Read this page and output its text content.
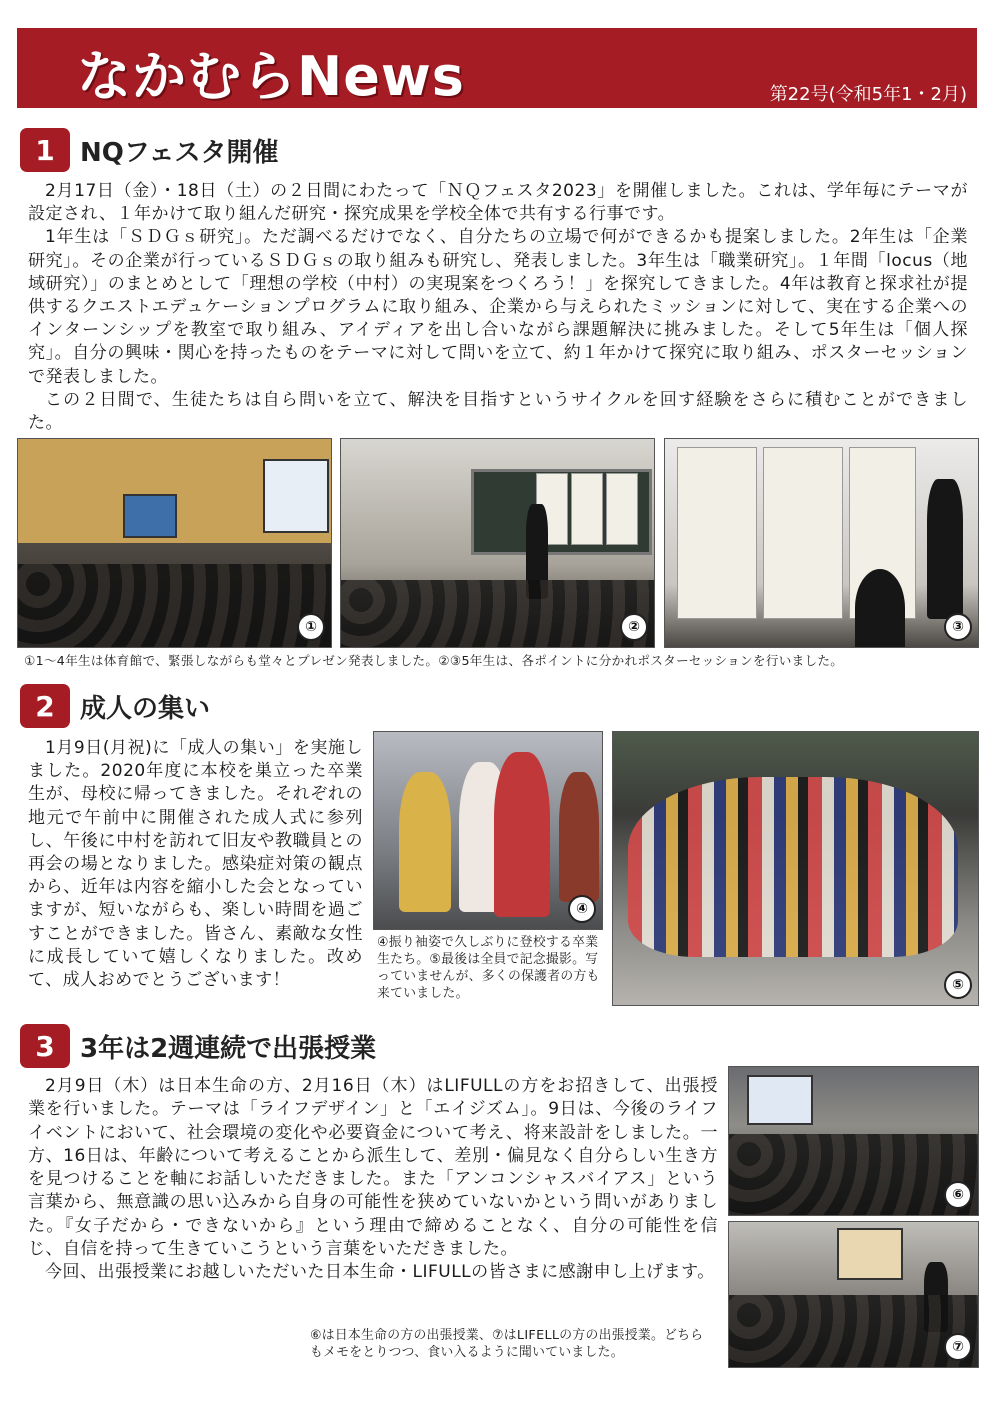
なかむらNews	第22号(令和5年1・2月)
1 NQフェスタ開催

2月17日（金）・18日（土）の２日間にわたって「ＮＱフェスタ2023」を開催しました。これは、学年毎にテーマが設定され、１年かけて取り組んだ研究・探究成果を学校全体で共有する行事です。

1年生は「ＳＤＧｓ研究」。ただ調べるだけでなく、自分たちの立場で何ができるかも提案しました。2年生は「企業研究」。その企業が行っているＳＤＧｓの取り組みも研究し、発表しました。3年生は「職業研究」。１年間「locus（地域研究）」のまとめとして「理想の学校（中村）の実現案をつくろう！」を探究してきました。4年は教育と探求社が提供するクエストエデュケーションプログラムに取り組み、企業から与えられたミッションに対して、実在する企業へのインターンシップを教室で取り組み、アイディアを出し合いながら課題解決に挑みました。そして5年生は「個人探究」。自分の興味・関心を持ったものをテーマに対して問いを立て、約１年かけて探究に取り組み、ポスターセッションで発表しました。

この２日間で、生徒たちは自ら問いを立て、解決を目指すというサイクルを回す経験をさらに積むことができました。

①	②	③
①1～4年生は体育館で、緊張しながらも堂々とプレゼン発表しました。②③5年生は、各ポイントに分かれポスターセッションを行いました。
2 成人の集い

1月9日(月祝)に「成人の集い」を実施しました。2020年度に本校を巣立った卒業生が、母校に帰ってきました。それぞれの地元で午前中に開催された成人式に参列し、午後に中村を訪れて旧友や教職員との再会の場となりました。感染症対策の観点から、近年は内容を縮小した会となっていますが、短いながらも、楽しい時間を過ごすことができました。皆さん、素敵な女性に成長していて嬉しくなりました。改めて、成人おめでとうございます！

④
④振り袖姿で久しぶりに登校する卒業生たち。⑤最後は全員で記念撮影。写っていませんが、多くの保護者の方も来ていました。
⑤
3 3年は2週連続で出張授業

2月9日（木）は日本生命の方、2月16日（木）はLIFULLの方をお招きして、出張授業を行いました。テーマは「ライフデザイン」と「エイジズム」。9日は、今後のライフイベントにおいて、社会環境の変化や必要資金について考え、将来設計をしました。一方、16日は、年齢について考えることから派生して、差別・偏見なく自分らしい生き方を見つけることを軸にお話しいただきました。また「アンコンシャスバイアス」という言葉から、無意識の思い込みから自身の可能性を狭めていないかという問いがありました。『女子だから・できないから』という理由で締めることなく、自分の可能性を信じ、自信を持って生きていこうという言葉をいただきました。

今回、出張授業にお越しいただいた日本生命・LIFULLの皆さまに感謝申し上げます。

⑥は日本生命の方の出張授業、⑦はLIFELLの方の出張授業。どちらもメモをとりつつ、食い入るように聞いていました。
⑥
⑦
